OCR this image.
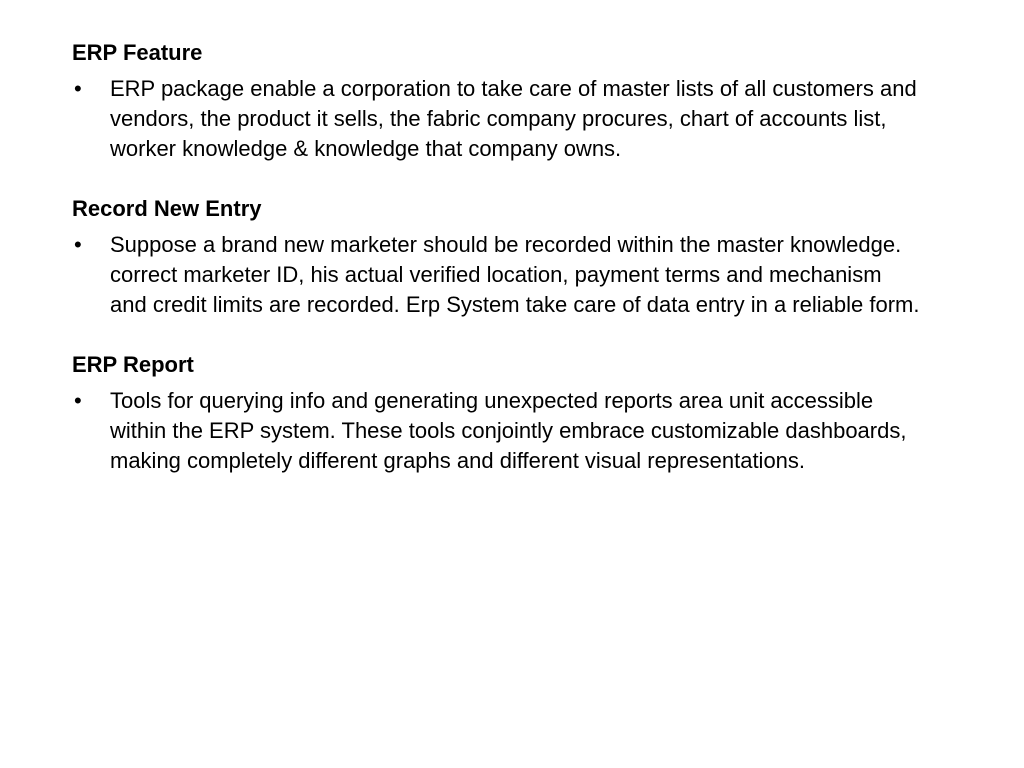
ERP Feature
• ERP package enable a corporation to take care of master lists of all customers and vendors, the product it sells, the fabric company procures, chart of accounts list, worker knowledge & knowledge that company owns.
Record New Entry
• Suppose a brand new marketer should be recorded within the master knowledge. correct marketer ID, his actual verified location, payment terms and mechanism and credit limits are recorded. Erp System take care of data entry in a reliable form.
ERP Report
• Tools for querying info and generating unexpected reports area unit accessible within the ERP system. These tools conjointly embrace customizable dashboards, making completely different graphs and different visual representations.
